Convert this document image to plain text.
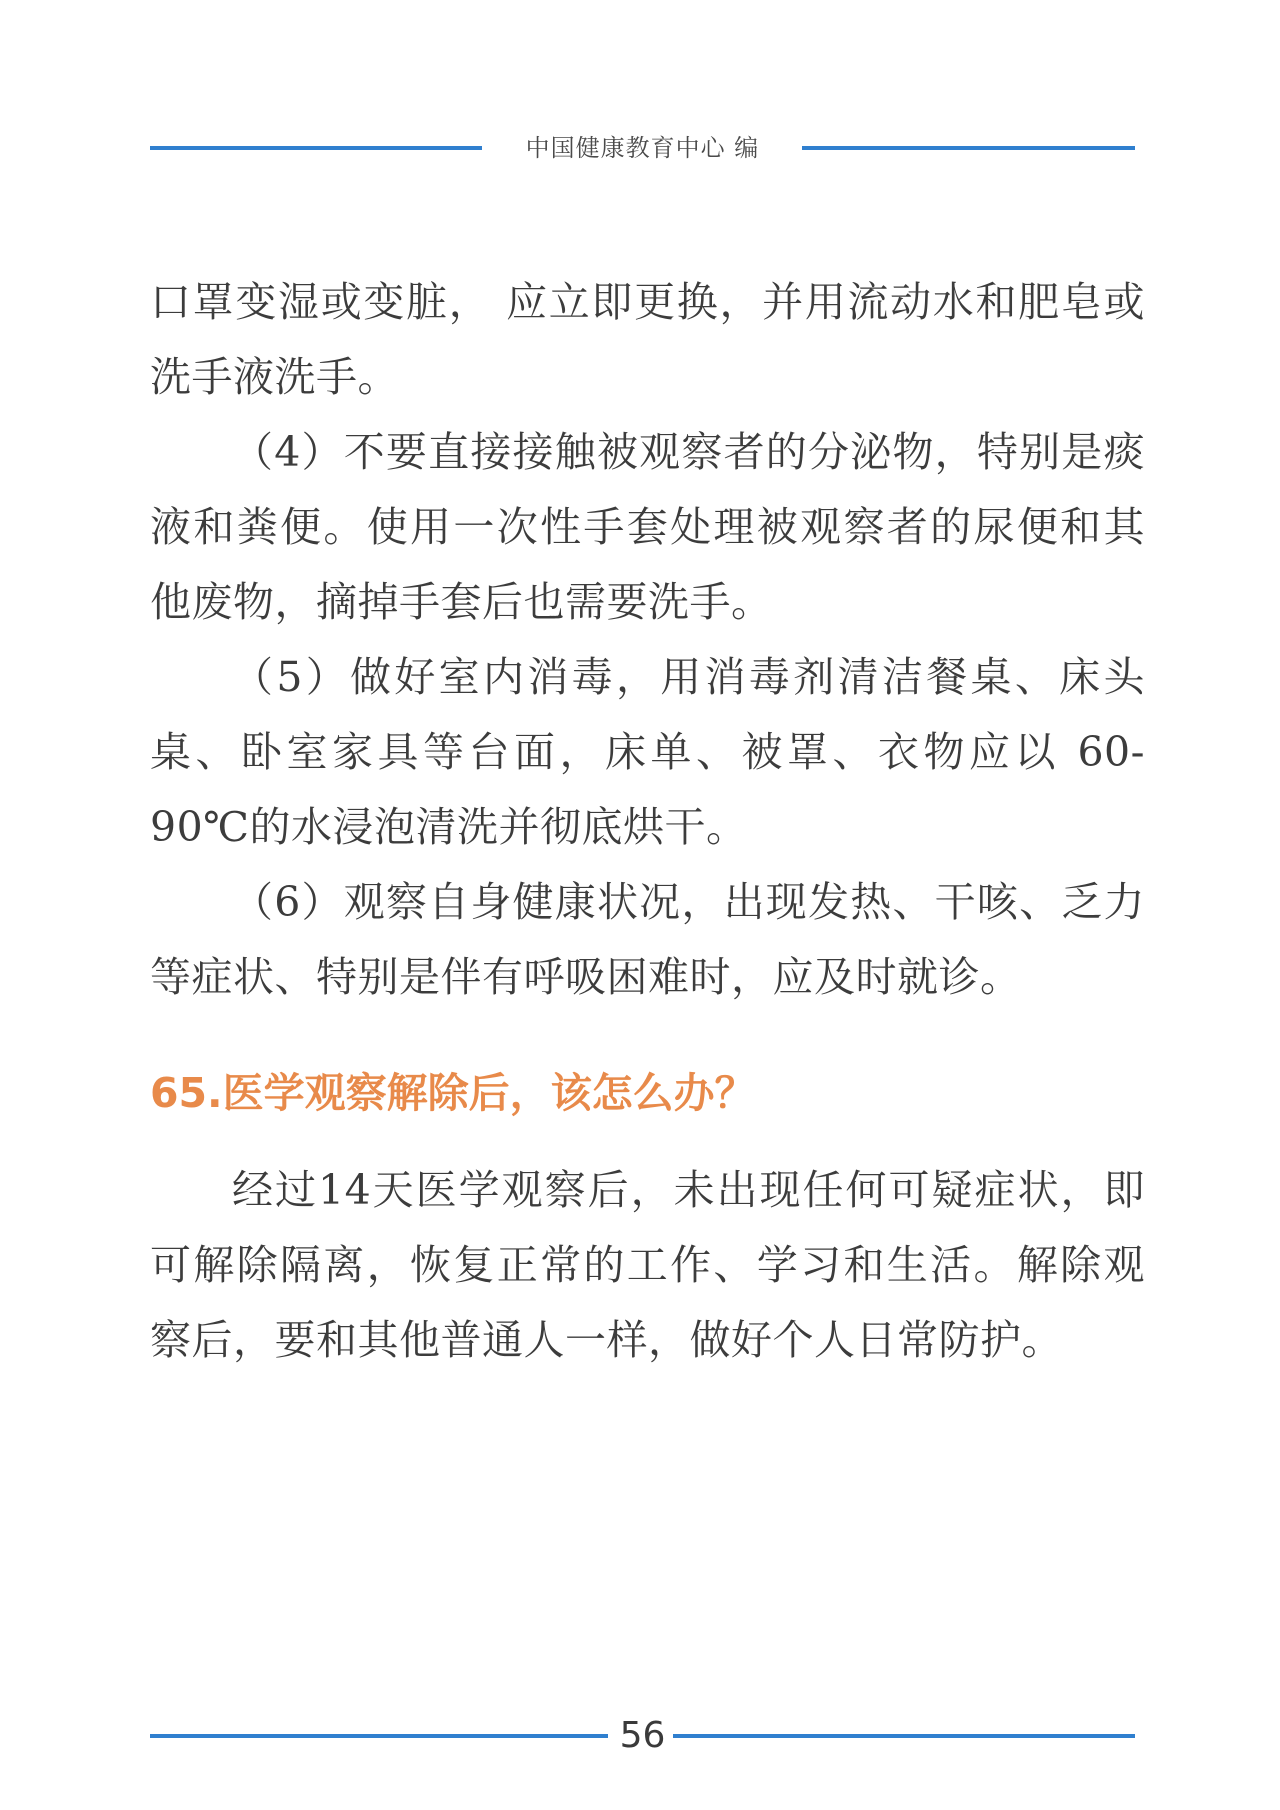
中国健康教育中心 编

口罩变湿或变脏， 应立即更换，并用流动水和肥皂或洗手液洗手。

（4）不要直接接触被观察者的分泌物，特别是痰液和粪便。使用一次性手套处理被观察者的尿便和其他废物，摘掉手套后也需要洗手。

（5）做好室内消毒，用消毒剂清洁餐桌、床头桌、卧室家具等台面，床单、被罩、衣物应以 60-90℃的水浸泡清洗并彻底烘干。

（6）观察自身健康状况，出现发热、干咳、乏力等症状、特别是伴有呼吸困难时，应及时就诊。

65.医学观察解除后，该怎么办？

经过14天医学观察后，未出现任何可疑症状，即可解除隔离，恢复正常的工作、学习和生活。解除观察后，要和其他普通人一样，做好个人日常防护。

56
